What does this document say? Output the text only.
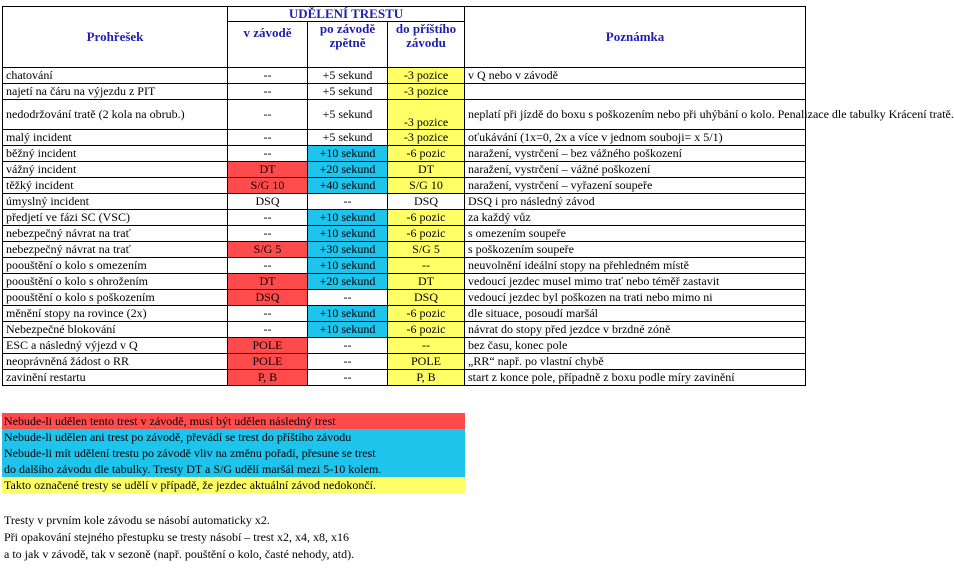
Prohřešek	UDĚLENÍ TRESTU			Poznámka
	v závodě	po závodě zpětně	do příštího závodu	
chatování	--	+5 sekund	-3 pozice	v Q nebo v závodě
najetí na čáru na výjezdu z PIT	--	+5 sekund	-3 pozice	
nedodržování tratě (2 kola na obrub.)	--	+5 sekund	-3 pozice	neplatí při jízdě do boxu s poškozením nebo při uhýbání o kolo. Penalizace dle tabulky Krácení tratě.
malý incident	--	+5 sekund	-3 pozice	oťukávání (1x=0, 2x a více v jednom souboji= x 5/1)
běžný incident	--	+10 sekund	-6 pozic	naražení, vystrčení – bez vážného poškození
vážný incident	DT	+20 sekund	DT	naražení, vystrčení – vážné poškození
těžký incident	S/G 10	+40 sekund	S/G 10	naražení, vystrčení – vyřazení soupeře
úmyslný incident	DSQ	--	DSQ	DSQ i pro následný závod
předjetí ve fázi SC (VSC)	--	+10 sekund	-6 pozic	za každý vůz
nebezpečný návrat na trať	--	+10 sekund	-6 pozic	s omezením soupeře
nebezpečný návrat na trať	S/G 5	+30 sekund	S/G 5	s poškozením soupeře
poouštění o kolo s omezením	--	+10 sekund	--	neuvolnění ideální stopy na přehledném místě
poouštění o kolo s ohrožením	DT	+20 sekund	DT	vedoucí jezdec musel mimo trať nebo téměř zastavit
poouštění o kolo s poškozením	DSQ	--	DSQ	vedoucí jezdec byl poškozen na trati nebo mimo ni
měnění stopy na rovince (2x)	--	+10 sekund	-6 pozic	dle situace, posoudí maršál
Nebezpečné blokování	--	+10 sekund	-6 pozic	návrat do stopy před jezdce v brzdné zóně
ESC a následný výjezd v Q	POLE	--	--	bez času, konec pole
neoprávněná žádost o RR	POLE	--	POLE	„RR“ např. po vlastní chybě
zavinění restartu	P, B	--	P, B	start z konce pole, případně z boxu podle míry zavinění
Nebude-li udělen tento trest v závodě, musí být udělen následný trest
Nebude-li udělen ani trest po závodě, převádí se trest do příštího závodu
Nebude-li mít udělení trestu po závodě vliv na změnu pořadí, přesune se trest
do dalšího závodu dle tabulky. Tresty DT a S/G udělí maršál mezi 5-10 kolem.
Takto označené tresty se udělí v případě, že jezdec aktuální závod nedokončí.
Tresty v prvním kole závodu se násobí automaticky x2.
Při opakování stejného přestupku se tresty násobí – trest x2, x4, x8, x16
a to jak v závodě, tak v sezoně (např. pouštění o kolo, časté nehody, atd).
